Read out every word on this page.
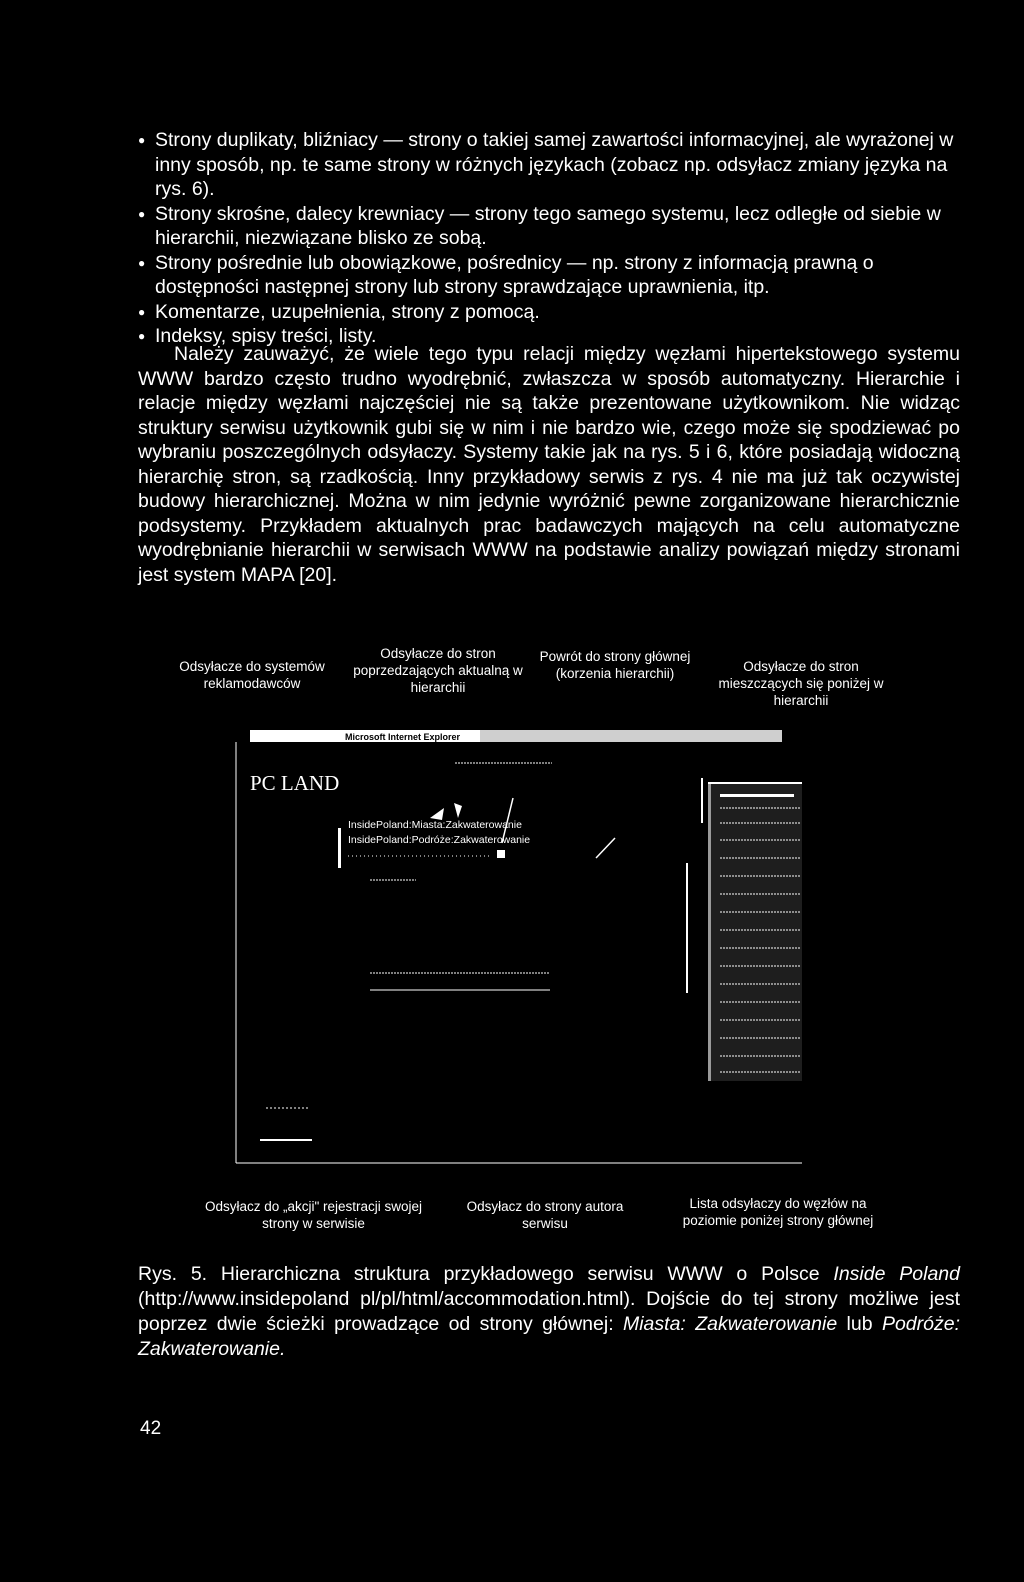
● Strony duplikaty, bliźniacy — strony o takiej samej zawartości informacyjnej, ale wyrażonej w inny sposób, np. te same strony w różnych językach (zobacz np. odsyłacz zmiany języka na rys. 6).
● Strony skrośne, dalecy krewniacy — strony tego samego systemu, lecz odległe od siebie w hierarchii, niezwiązane blisko ze sobą.
● Strony pośrednie lub obowiązkowe, pośrednicy — np. strony z informacją prawną o dostępności następnej strony lub strony sprawdzające uprawnienia, itp.
● Komentarze, uzupełnienia, strony z pomocą.
● Indeksy, spisy treści, listy.
Należy zauważyć, że wiele tego typu relacji między węzłami hipertekstowego systemu WWW bardzo często trudno wyodrębnić, zwłaszcza w sposób automatyczny. Hierarchie i relacje między węzłami najczęściej nie są także prezentowane użytkownikom. Nie widząc struktury serwisu użytkownik gubi się w nim i nie bardzo wie, czego może się spodziewać po wybraniu poszczególnych odsyłaczy. Systemy takie jak na rys. 5 i 6, które posiadają widoczną hierarchię stron, są rzadkością. Inny przykładowy serwis z rys. 4 nie ma już tak oczywistej budowy hierarchicznej. Można w nim jedynie wyróżnić pewne zorganizowane hierarchicznie podsystemy. Przykładem aktualnych prac badawczych mających na celu automatyczne wyodrębnianie hierarchii w serwisach WWW na podstawie analizy powiązań między stronami jest system MAPA [20].
Odsyłacze do systemów reklamodawców
Odsyłacze do stron poprzedzających aktualną w hierarchii
Powrót do strony głównej (korzenia hierarchii)	Odsyłacze do stron mieszczących się poniżej w hierarchii
Microsoft Internet Explorer
PC LAND
InsidePoland:Miasta:Zakwaterowanie
InsidePoland:Podróże:Zakwaterowanie
Odsyłacz do „akcji" rejestracji swojej strony w serwisie
Odsyłacz do strony autora serwisu
Lista odsyłaczy do węzłów na poziomie poniżej strony głównej
Rys. 5. Hierarchiczna struktura przykładowego serwisu WWW o Polsce Inside Poland (http://www.insidepoland pl/pl/html/accommodation.html). Dojście do tej strony możliwe jest poprzez dwie ścieżki prowadzące od strony głównej: Miasta: Zakwaterowanie lub Podróże: Zakwaterowanie.
42
